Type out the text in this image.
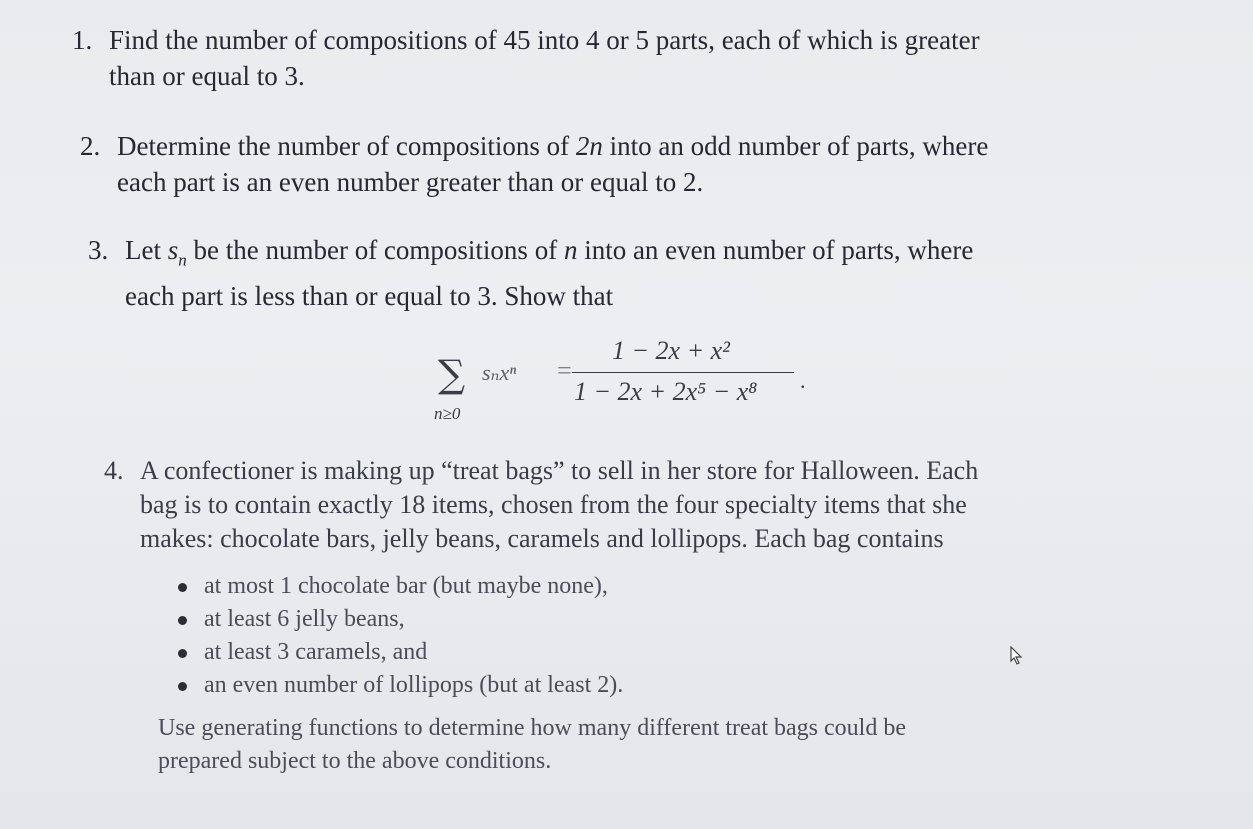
1. Find the number of compositions of 45 into 4 or 5 parts, each of which is greater
than or equal to 3.
2. Determine the number of compositions of 2n into an odd number of parts, where
each part is an even number greater than or equal to 2.
3. Let $s_n$ be the number of compositions of n into an even number of parts, where
each part is less than or equal to 3. Show that
∑
n≥0
sₙxⁿ =
1 − 2x + x²
1 − 2x + 2x⁵ − x⁸ .
4. A confectioner is making up “treat bags” to sell in her store for Halloween. Each
bag is to contain exactly 18 items, chosen from the four specialty items that she
makes: chocolate bars, jelly beans, caramels and lollipops. Each bag contains
at most 1 chocolate bar (but maybe none),
at least 6 jelly beans,
at least 3 caramels, and
an even number of lollipops (but at least 2).
Use generating functions to determine how many different treat bags could be
prepared subject to the above conditions.
